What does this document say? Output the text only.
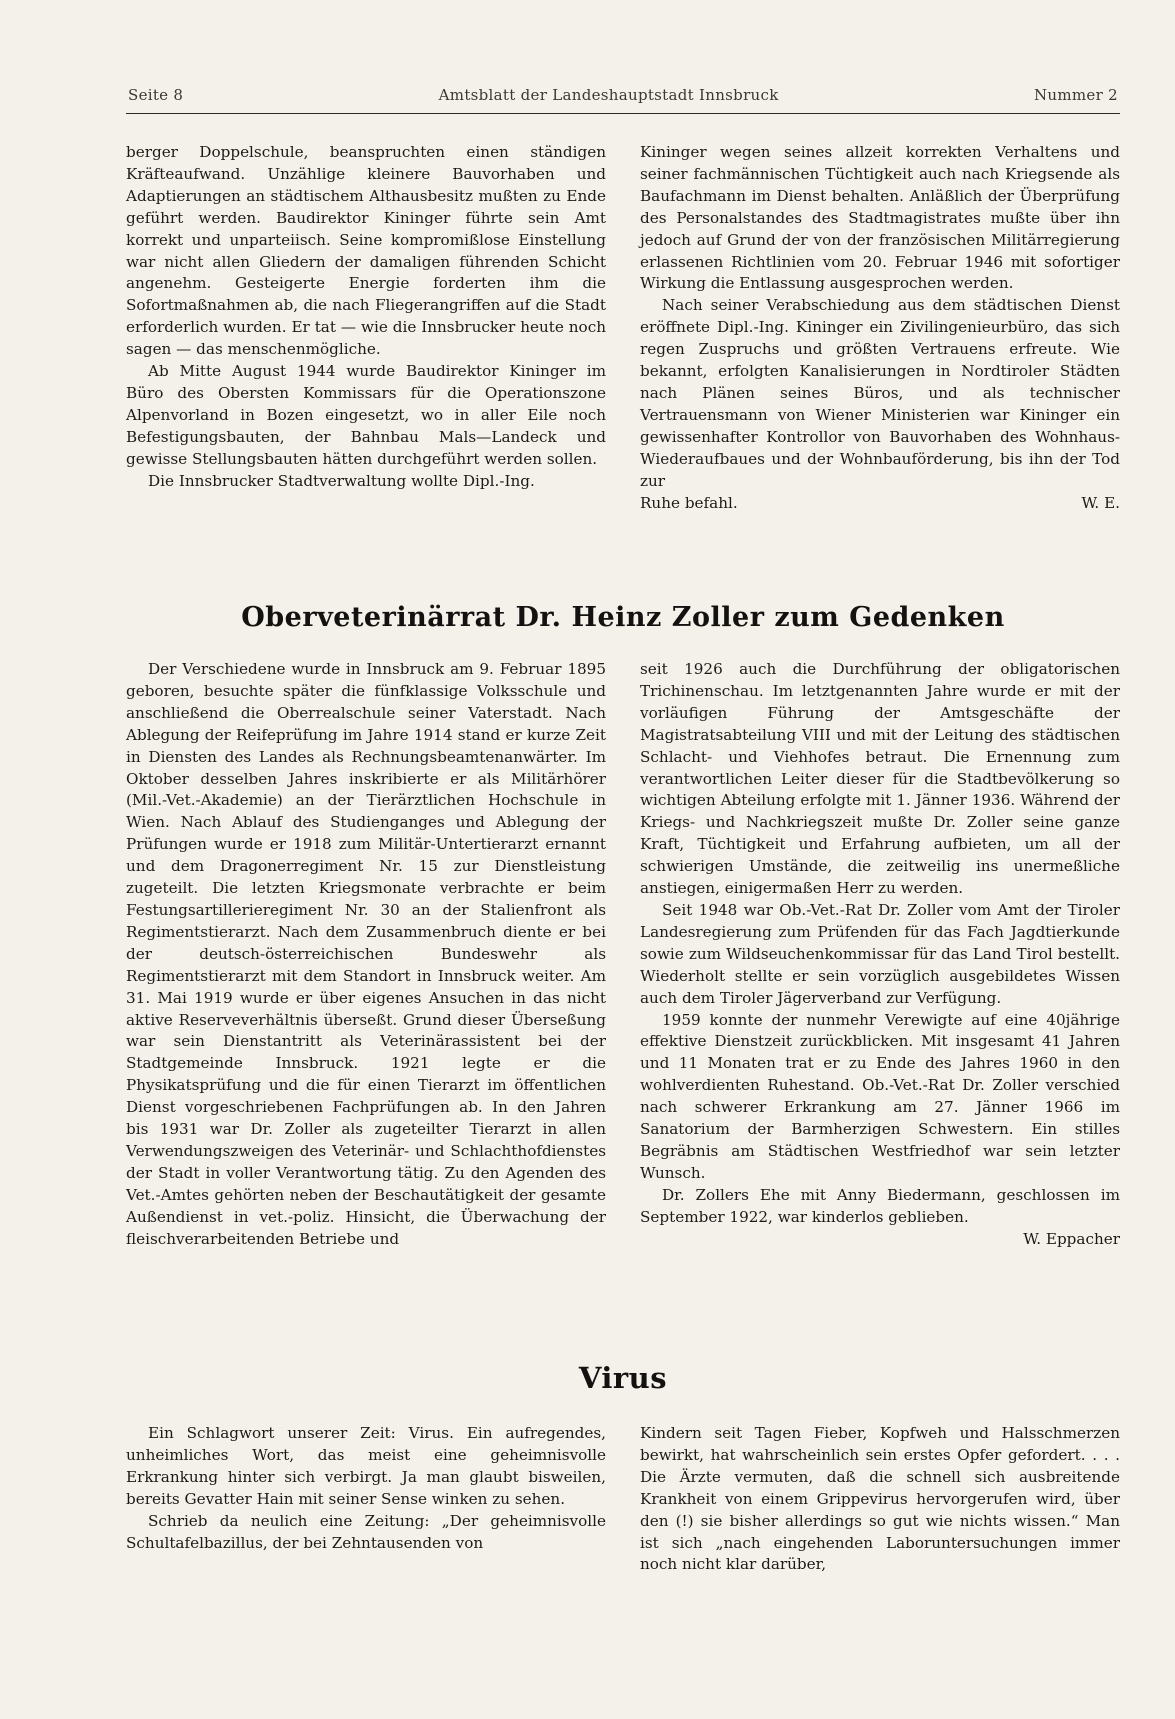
Seite 8	Amtsblatt der Landeshauptstadt Innsbruck	Nummer 2

berger Doppelschule, beanspruchten einen ständigen Kräfteaufwand. Unzählige kleinere Bauvorhaben und Adaptierungen an städtischem Althausbesitz mußten zu Ende geführt werden. Baudirektor Kininger führte sein Amt korrekt und unparteiisch. Seine kompromißlose Einstellung war nicht allen Gliedern der damaligen führenden Schicht angenehm. Gesteigerte Energie forderten ihm die Sofortmaßnahmen ab, die nach Fliegerangriffen auf die Stadt erforderlich wurden. Er tat — wie die Innsbrucker heute noch sagen — das menschenmögliche.

Ab Mitte August 1944 wurde Baudirektor Kininger im Büro des Obersten Kommissars für die Operationszone Alpenvorland in Bozen eingesetzt, wo in aller Eile noch Befestigungsbauten, der Bahnbau Mals—Landeck und gewisse Stellungsbauten hätten durchgeführt werden sollen.

Die Innsbrucker Stadtverwaltung wollte Dipl.-Ing.

Kininger wegen seines allzeit korrekten Verhaltens und seiner fachmännischen Tüchtigkeit auch nach Kriegsende als Baufachmann im Dienst behalten. Anläßlich der Überprüfung des Personalstandes des Stadtmagistrates mußte über ihn jedoch auf Grund der von der französischen Militärregierung erlassenen Richtlinien vom 20. Februar 1946 mit sofortiger Wirkung die Entlassung ausgesprochen werden.

Nach seiner Verabschiedung aus dem städtischen Dienst eröffnete Dipl.-Ing. Kininger ein Zivilingenieurbüro, das sich regen Zuspruchs und größten Vertrauens erfreute. Wie bekannt, erfolgten Kanalisierungen in Nordtiroler Städten nach Plänen seines Büros, und als technischer Vertrauensmann von Wiener Ministerien war Kininger ein gewissenhafter Kontrollor von Bauvorhaben des Wohnhaus-Wiederaufbaues und der Wohnbauförderung, bis ihn der Tod zur

Ruhe befahl.	W. E.
Oberveterinärrat Dr. Heinz Zoller zum Gedenken

Der Verschiedene wurde in Innsbruck am 9. Februar 1895 geboren, besuchte später die fünfklassige Volksschule und anschließend die Oberrealschule seiner Vaterstadt. Nach Ablegung der Reifeprüfung im Jahre 1914 stand er kurze Zeit in Diensten des Landes als Rechnungsbeamtenanwärter. Im Oktober desselben Jahres inskribierte er als Militärhörer (Mil.-Vet.-Akademie) an der Tierärztlichen Hochschule in Wien. Nach Ablauf des Studienganges und Ablegung der Prüfungen wurde er 1918 zum Militär-Untertierarzt ernannt und dem Dragonerregiment Nr. 15 zur Dienstleistung zugeteilt. Die letzten Kriegsmonate verbrachte er beim Festungsartillerieregiment Nr. 30 an der Stalienfront als Regimentstierarzt. Nach dem Zusammenbruch diente er bei der deutsch-österreichischen Bundeswehr als Regimentstierarzt mit dem Standort in Innsbruck weiter. Am 31. Mai 1919 wurde er über eigenes Ansuchen in das nicht aktive Reserveverhältnis überseßt. Grund dieser Überseßung war sein Dienstantritt als Veterinärassistent bei der Stadtgemeinde Innsbruck. 1921 legte er die Physikatsprüfung und die für einen Tierarzt im öffentlichen Dienst vorgeschriebenen Fachprüfungen ab. In den Jahren bis 1931 war Dr. Zoller als zugeteilter Tierarzt in allen Verwendungszweigen des Veterinär- und Schlachthofdienstes der Stadt in voller Verantwortung tätig. Zu den Agenden des Vet.-Amtes gehörten neben der Beschautätigkeit der gesamte Außendienst in vet.-poliz. Hinsicht, die Überwachung der fleischverarbeitenden Betriebe und

seit 1926 auch die Durchführung der obligatorischen Trichinenschau. Im letztgenannten Jahre wurde er mit der vorläufigen Führung der Amtsgeschäfte der Magistratsabteilung VIII und mit der Leitung des städtischen Schlacht- und Viehhofes betraut. Die Ernennung zum verantwortlichen Leiter dieser für die Stadtbevölkerung so wichtigen Abteilung erfolgte mit 1. Jänner 1936. Während der Kriegs- und Nachkriegszeit mußte Dr. Zoller seine ganze Kraft, Tüchtigkeit und Erfahrung aufbieten, um all der schwierigen Umstände, die zeitweilig ins unermeßliche anstiegen, einigermaßen Herr zu werden.

Seit 1948 war Ob.-Vet.-Rat Dr. Zoller vom Amt der Tiroler Landesregierung zum Prüfenden für das Fach Jagdtierkunde sowie zum Wildseuchenkommissar für das Land Tirol bestellt. Wiederholt stellte er sein vorzüglich ausgebildetes Wissen auch dem Tiroler Jägerverband zur Verfügung.

1959 konnte der nunmehr Verewigte auf eine 40jährige effektive Dienstzeit zurückblicken. Mit insgesamt 41 Jahren und 11 Monaten trat er zu Ende des Jahres 1960 in den wohlverdienten Ruhestand. Ob.-Vet.-Rat Dr. Zoller verschied nach schwerer Erkrankung am 27. Jänner 1966 im Sanatorium der Barmherzigen Schwestern. Ein stilles Begräbnis am Städtischen Westfriedhof war sein letzter Wunsch.

Dr. Zollers Ehe mit Anny Biedermann, geschlossen im September 1922, war kinderlos geblieben.

W. Eppacher

Virus

Ein Schlagwort unserer Zeit: Virus. Ein aufregendes, unheimliches Wort, das meist eine geheimnisvolle Erkrankung hinter sich verbirgt. Ja man glaubt bisweilen, bereits Gevatter Hain mit seiner Sense winken zu sehen.

Schrieb da neulich eine Zeitung: „Der geheimnisvolle Schultafelbazillus, der bei Zehntausenden von

Kindern seit Tagen Fieber, Kopfweh und Halsschmerzen bewirkt, hat wahrscheinlich sein erstes Opfer gefordert. . . . Die Ärzte vermuten, daß die schnell sich ausbreitende Krankheit von einem Grippevirus hervorgerufen wird, über den (!) sie bisher allerdings so gut wie nichts wissen.“ Man ist sich „nach eingehenden Laboruntersuchungen immer noch nicht klar darüber,
